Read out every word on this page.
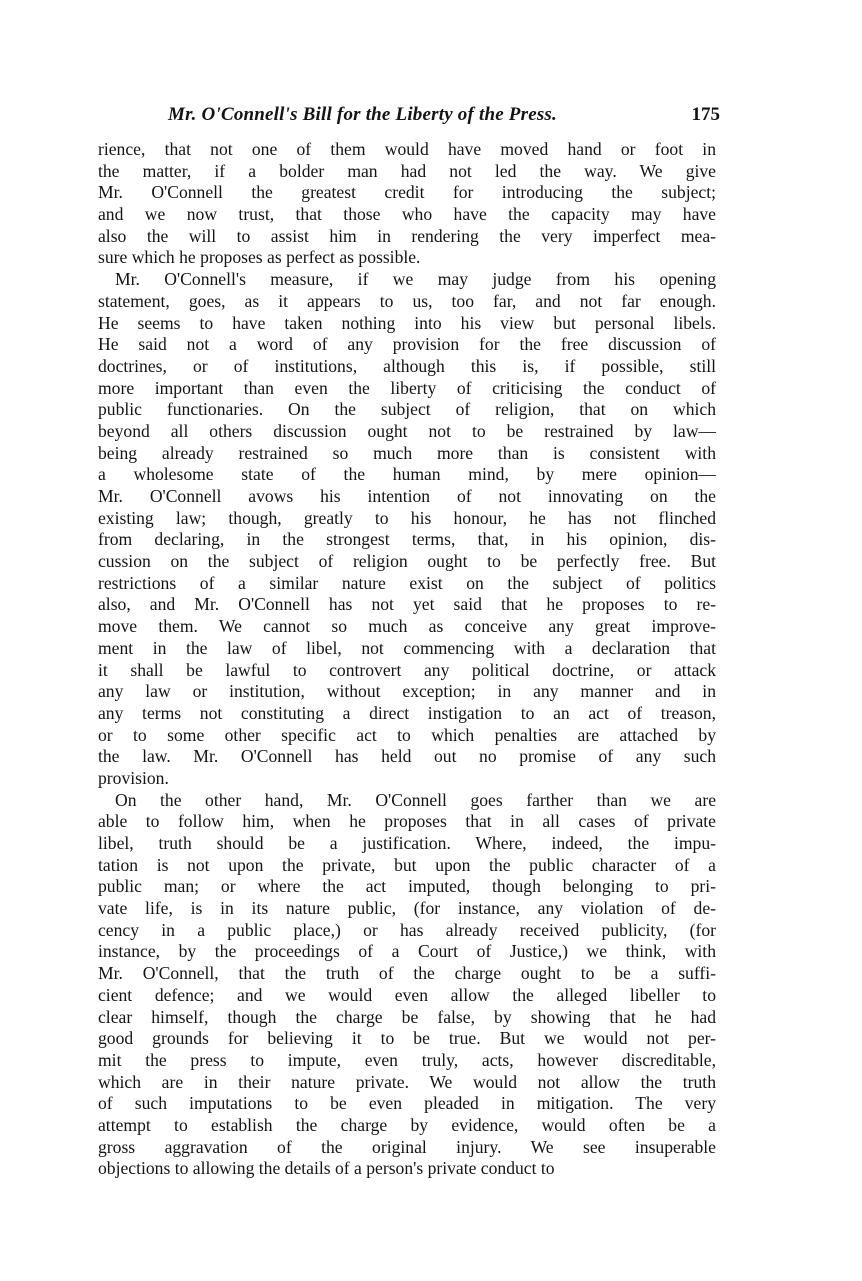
Mr. O'Connell's Bill for the Liberty of the Press.	175
rience, that not one of them would have moved hand or foot in
the matter, if a bolder man had not led the way. We give
Mr. O'Connell the greatest credit for introducing the subject;
and we now trust, that those who have the capacity may have
also the will to assist him in rendering the very imperfect mea-
sure which he proposes as perfect as possible.
Mr. O'Connell's measure, if we may judge from his opening
statement, goes, as it appears to us, too far, and not far enough.
He seems to have taken nothing into his view but personal libels.
He said not a word of any provision for the free discussion of
doctrines, or of institutions, although this is, if possible, still
more important than even the liberty of criticising the conduct of
public functionaries. On the subject of religion, that on which
beyond all others discussion ought not to be restrained by law—
being already restrained so much more than is consistent with
a wholesome state of the human mind, by mere opinion—
Mr. O'Connell avows his intention of not innovating on the
existing law; though, greatly to his honour, he has not flinched
from declaring, in the strongest terms, that, in his opinion, dis-
cussion on the subject of religion ought to be perfectly free. But
restrictions of a similar nature exist on the subject of politics
also, and Mr. O'Connell has not yet said that he proposes to re-
move them. We cannot so much as conceive any great improve-
ment in the law of libel, not commencing with a declaration that
it shall be lawful to controvert any political doctrine, or attack
any law or institution, without exception; in any manner and in
any terms not constituting a direct instigation to an act of treason,
or to some other specific act to which penalties are attached by
the law. Mr. O'Connell has held out no promise of any such
provision.
On the other hand, Mr. O'Connell goes farther than we are
able to follow him, when he proposes that in all cases of private
libel, truth should be a justification. Where, indeed, the impu-
tation is not upon the private, but upon the public character of a
public man; or where the act imputed, though belonging to pri-
vate life, is in its nature public, (for instance, any violation of de-
cency in a public place,) or has already received publicity, (for
instance, by the proceedings of a Court of Justice,) we think, with
Mr. O'Connell, that the truth of the charge ought to be a suffi-
cient defence; and we would even allow the alleged libeller to
clear himself, though the charge be false, by showing that he had
good grounds for believing it to be true. But we would not per-
mit the press to impute, even truly, acts, however discreditable,
which are in their nature private. We would not allow the truth
of such imputations to be even pleaded in mitigation. The very
attempt to establish the charge by evidence, would often be a
gross aggravation of the original injury. We see insuperable
objections to allowing the details of a person's private conduct to
